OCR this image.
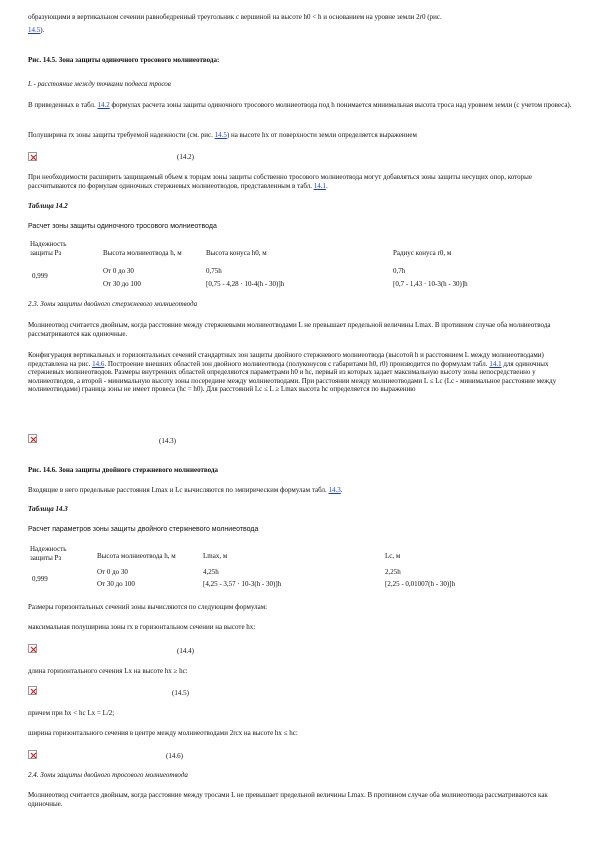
образующими в вертикальном сечении равнобедренный треугольник с вершиной на высоте h0 < h и основанием на уровне земли 2r0 (рис.
14.5).
Рис. 14.5. Зона защиты одиночного тросового молниеотвода:
L - расстояние между точками подвеса тросов
В приведенных в табл. 14.2 формулах расчета зоны защиты одиночного тросового молниеотвода под h понимается минимальная высота троса над уровнем земли (с учетом провеса).
Полуширина rx зоны защиты требуемой надежности (см. рис. 14.5) на высоте hx от поверхности земли определяется выражением
(14.2)
При необходимости расширить защищаемый объем к торцам зоны защиты собственно тросового молниеотвода могут добавляться зоны защиты несущих опор, которые рассчитываются по формулам одиночных стержневых молниеотводов, представленным в табл. 14.1.
Таблица 14.2
Расчет зоны защиты одиночного тросового молниеотвода
Надежность защиты Pз	Высота молниеотвода h, м	Высота конуса h0, м	Радиус конуса r0, м
0,999
От 0 до 30	0,75h	0,7h
От 30 до 100	[0,75 - 4,28 · 10-4(h - 30)]h	[0,7 - 1,43 · 10-3(h - 30)]h
2.3. Зоны защиты двойного стержневого молниеотвода
Молниеотвод считается двойным, когда расстояние между стержневыми молниеотводами L не превышает предельной величины Lmax. В противном случае оба молниеотвода рассматриваются как одиночные.
Конфигурация вертикальных и горизонтальных сечений стандартных зон защиты двойного стержневого молниеотвода (высотой h и расстоянием L между молниеотводами) представлена на рис. 14.6. Построение внешних областей зон двойного молниеотвода (полуконусов с габаритами h0, r0) производится по формулам табл. 14.1 для одиночных стержневых молниеотводов. Размеры внутренних областей определяются параметрами h0 и hc, первый из которых задает максимальную высоту зоны непосредственно у молниеотводов, а второй - минимальную высоту зоны посередине между молниеотводами. При расстоянии между молниеотводами L ≤ Lc (Lc - минимальное расстояние между молниеотводами) граница зоны не имеет провеса (hc = h0). Для расстояний Lc ≤ L ≥ Lmax высота hc определяется по выражению
(14.3)
Рис. 14.6. Зона защиты двойного стержневого молниеотвода
Входящие в него предельные расстояния Lmax и Lc вычисляются по эмпирическим формулам табл. 14.3.
Таблица 14.3
Расчет параметров зоны защиты двойного стержневого молниеотвода
Надежность защиты Pз	Высота молниеотвода h, м	Lmax, м	Lc, м
0,999
От 0 до 30	4,25h	2,25h
От 30 до 100	[4,25 - 3,57 · 10-3(h - 30)]h	[2,25 - 0,01007(h - 30)]h
Размеры горизонтальных сечений зоны вычисляются по следующим формулам:
максимальная полуширина зоны rx в горизонтальном сечении на высоте hx:
(14.4)
длина горизонтального сечения Lx на высоте hx ≥ hc:
(14.5)
причем при hx < hc Lx = L/2;
ширина горизонтального сечения в центре между молниеотводами 2rcx на высоте hx ≤ hc:
(14.6)
2.4. Зоны защиты двойного тросового молниеотвода
Молниеотвод считается двойным, когда расстояние между тросами L не превышает предельной величины Lmax. В противном случае оба молниеотвода рассматриваются как одиночные.
